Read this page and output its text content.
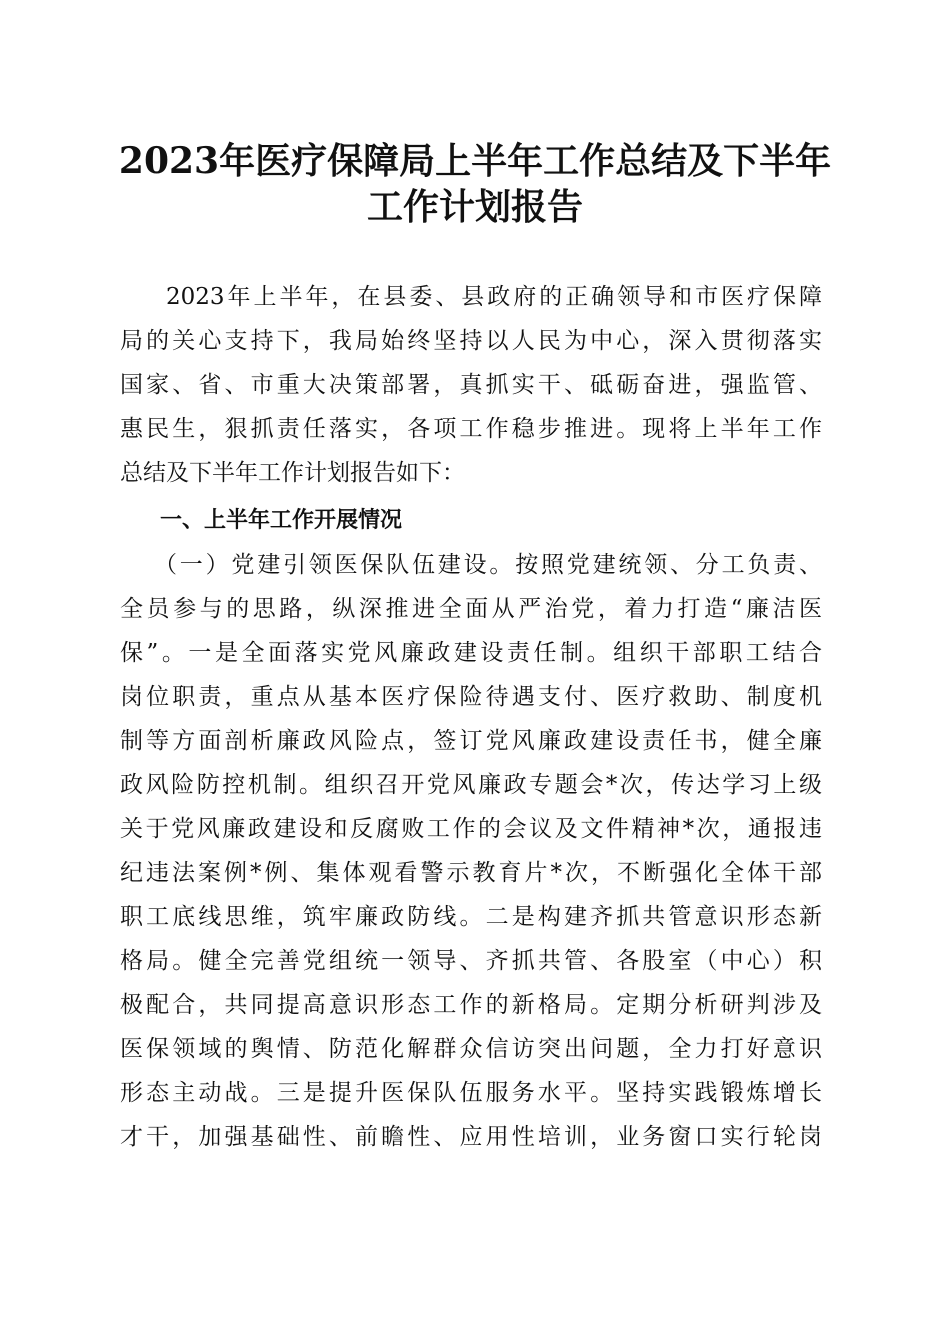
2023年医疗保障局上半年工作总结及下半年
工作计划报告
2023年上半年，在县委、县政府的正确领导和市医疗保障
局的关心支持下，我局始终坚持以人民为中心，深入贯彻落实
国家、省、市重大决策部署，真抓实干、砥砺奋进，强监管、
惠民生，狠抓责任落实，各项工作稳步推进。现将上半年工作
总结及下半年工作计划报告如下：
一、上半年工作开展情况
（一）党建引领医保队伍建设。按照党建统领、分工负责、
全员参与的思路，纵深推进全面从严治党，着力打造“廉洁医
保”。一是全面落实党风廉政建设责任制。组织干部职工结合
岗位职责，重点从基本医疗保险待遇支付、医疗救助、制度机
制等方面剖析廉政风险点，签订党风廉政建设责任书，健全廉
政风险防控机制。组织召开党风廉政专题会*次，传达学习上级
关于党风廉政建设和反腐败工作的会议及文件精神*次，通报违
纪违法案例*例、集体观看警示教育片*次，不断强化全体干部
职工底线思维，筑牢廉政防线。二是构建齐抓共管意识形态新
格局。健全完善党组统一领导、齐抓共管、各股室（中心）积
极配合，共同提高意识形态工作的新格局。定期分析研判涉及
医保领域的舆情、防范化解群众信访突出问题，全力打好意识
形态主动战。三是提升医保队伍服务水平。坚持实践锻炼增长
才干，加强基础性、前瞻性、应用性培训，业务窗口实行轮岗
